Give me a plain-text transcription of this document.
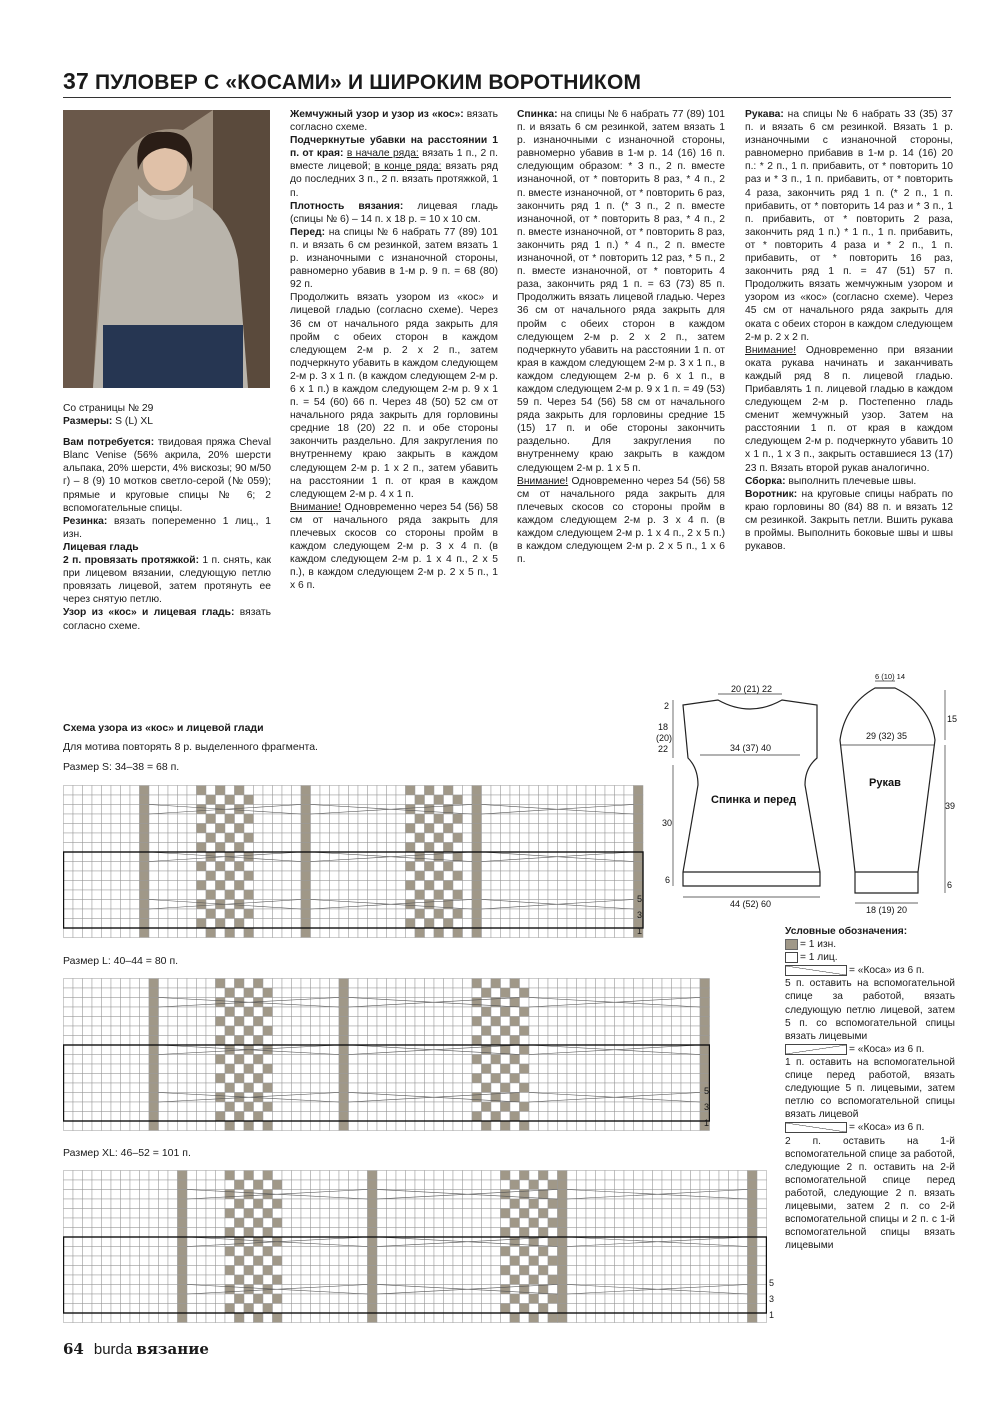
37 ПУЛОВЕР С «КОСАМИ» И ШИРОКИМ ВОРОТНИКОМ

Со страницы № 29

Размеры: S (L) XL

Вам потребуется: твидовая пряжа Cheval Blanc Venise (56% акрила, 20% шерсти альпака, 20% шерсти, 4% вискозы; 90 м/50 г) – 8 (9) 10 мотков светло-серой (№ 059); прямые и круговые спицы № 6; 2 вспомогательные спицы.

Резинка: вязать попеременно 1 лиц., 1 изн.

Лицевая гладь

2 п. провязать протяжкой: 1 п. снять, как при лицевом вязании, следующую петлю провязать лицевой, затем протянуть ее через снятую петлю.

Узор из «кос» и лицевая гладь: вязать согласно схеме.

Жемчужный узор и узор из «кос»: вязать согласно схеме.

Подчеркнутые убавки на расстоянии 1 п. от края: в начале ряда: вязать 1 п., 2 п. вместе лицевой; в конце ряда: вязать ряд до последних 3 п., 2 п. вязать протяжкой, 1 п.

Плотность вязания: лицевая гладь (спицы № 6) – 14 п. x 18 р. = 10 x 10 см.

Перед: на спицы № 6 набрать 77 (89) 101 п. и вязать 6 см резинкой, затем вязать 1 р. изнаночными с изнаночной стороны, равномерно убавив в 1-м р. 9 п. = 68 (80) 92 п.

Продолжить вязать узором из «кос» и лицевой гладью (согласно схеме). Через 36 см от начального ряда закрыть для пройм с обеих сторон в каждом следующем 2-м р. 2 x 2 п., затем подчеркнуто убавить в каждом следующем 2-м р. 3 x 1 п. (в каждом следующем 2-м р. 6 x 1 п.) в каждом следующем 2-м р. 9 x 1 п. = 54 (60) 66 п. Через 48 (50) 52 см от начального ряда закрыть для горловины средние 18 (20) 22 п. и обе стороны закончить раздельно. Для закругления по внутреннему краю закрыть в каждом следующем 2-м р. 1 x 2 п., затем убавить на расстоянии 1 п. от края в каждом следующем 2-м р. 4 x 1 п.

Внимание! Одновременно через 54 (56) 58 см от начального ряда закрыть для плечевых скосов со стороны пройм в каждом следующем 2-м р. 3 x 4 п. (в каждом следующем 2-м р. 1 x 4 п., 2 x 5 п.), в каждом следующем 2-м р. 2 x 5 п., 1 x 6 п.

Спинка: на спицы № 6 набрать 77 (89) 101 п. и вязать 6 см резинкой, затем вязать 1 р. изнаночными с изнаночной стороны, равномерно убавив в 1-м р. 14 (16) 16 п. следующим образом: * 3 п., 2 п. вместе изнаночной, от * повторить 8 раз, * 4 п., 2 п. вместе изнаночной, от * повторить 6 раз, закончить ряд 1 п. (* 3 п., 2 п. вместе изнаночной, от * повторить 8 раз, * 4 п., 2 п. вместе изнаночной, от * повторить 8 раз, закончить ряд 1 п.) * 4 п., 2 п. вместе изнаночной, от * повторить 12 раз, * 5 п., 2 п. вместе изнаночной, от * повторить 4 раза, закончить ряд 1 п. = 63 (73) 85 п. Продолжить вязать лицевой гладью. Через 36 см от начального ряда закрыть для пройм с обеих сторон в каждом следующем 2-м р. 2 x 2 п., затем подчеркнуто убавить на расстоянии 1 п. от края в каждом следующем 2-м р. 3 x 1 п., в каждом следующем 2-м р. 6 x 1 п., в каждом следующем 2-м р. 9 x 1 п. = 49 (53) 59 п. Через 54 (56) 58 см от начального ряда закрыть для горловины средние 15 (15) 17 п. и обе стороны закончить раздельно. Для закругления по внутреннему краю закрыть в каждом следующем 2-м р. 1 x 5 п.

Внимание! Одновременно через 54 (56) 58 см от начального ряда закрыть для плечевых скосов со стороны пройм в каждом следующем 2-м р. 3 x 4 п. (в каждом следующем 2-м р. 1 x 4 п., 2 x 5 п.) в каждом следующем 2-м р. 2 x 5 п., 1 x 6 п.

Рукава: на спицы № 6 набрать 33 (35) 37 п. и вязать 6 см резинкой. Вязать 1 р. изнаночными с изнаночной стороны, равномерно прибавив в 1-м р. 14 (16) 20 п.: * 2 п., 1 п. прибавить, от * повторить 10 раз и * 3 п., 1 п. прибавить, от * повторить 4 раза, закончить ряд 1 п. (* 2 п., 1 п. прибавить, от * повторить 14 раз и * 3 п., 1 п. прибавить, от * повторить 2 раза, закончить ряд 1 п.) * 1 п., 1 п. прибавить, от * повторить 4 раза и * 2 п., 1 п. прибавить, от * повторить 16 раз, закончить ряд 1 п. = 47 (51) 57 п. Продолжить вязать жемчужным узором и узором из «кос» (согласно схеме). Через 45 см от начального ряда закрыть для оката с обеих сторон в каждом следующем 2-м р. 2 x 2 п.

Внимание! Одновременно при вязании оката рукава начинать и заканчивать каждый ряд 8 п. лицевой гладью. Прибавлять 1 п. лицевой гладью в каждом следующем 2-м р. Постепенно гладь сменит жемчужный узор. Затем на расстоянии 1 п. от края в каждом следующем 2-м р. подчеркнуто убавить 10 x 1 п., 1 x 3 п., закрыть оставшиеся 13 (17) 23 п. Вязать второй рукав аналогично.

Сборка: выполнить плечевые швы.

Воротник: на круговые спицы набрать по краю горловины 80 (84) 88 п. и вязать 12 см резинкой. Закрыть петли. Вшить рукава в проймы. Выполнить боковые швы и швы рукавов.

20 (21) 22
2
18
(20)
22	34 (37) 40
30
6
44 (52) 60
6 (10) 14
15
29 (32) 35
39
6
18 (19) 20
Спинка и перед
Рукав
Схема узора из «кос» и лицевой глади
Для мотива повторять 8 р. выделенного фрагмента.
Размер S: 34–38 = 68 п.
5
3
1
Размер L: 40–44 = 80 п.
5
3
1
Размер XL: 46–52 = 101 п.
5
3
1

Условные обозначения:

= 1 изн.

= 1 лиц.

= «Коса» из 6 п.

5 п. оставить на вспомогательной спице за работой, вязать следующую петлю лицевой, затем 5 п. со вспомогательной спицы вязать лицевыми

= «Коса» из 6 п.

1 п. оставить на вспомогательной спице перед работой, вязать следующие 5 п. лицевыми, затем петлю со вспомогательной спицы вязать лицевой

= «Коса» из 6 п.

2 п. оставить на 1-й вспомогательной спице за работой, следующие 2 п. оставить на 2-й вспомогательной спице перед работой, следующие 2 п. вязать лицевыми, затем 2 п. со 2-й вспомогательной спицы и 2 п. с 1-й вспомогательной спицы вязать лицевыми

64 burda вязание
